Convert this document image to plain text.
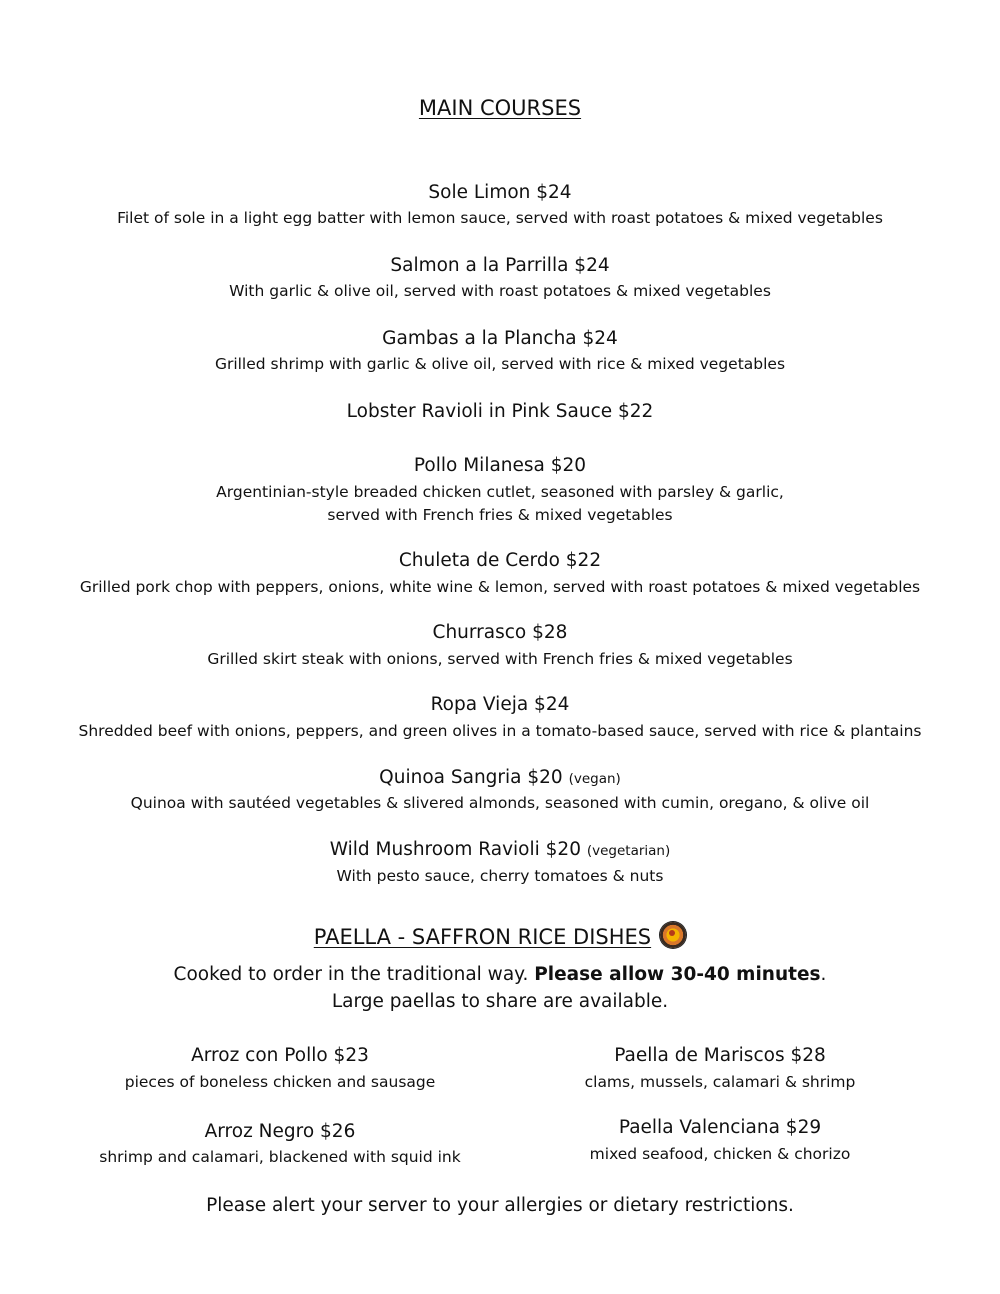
MAIN COURSES
Sole Limon $24
Filet of sole in a light egg batter with lemon sauce, served with roast potatoes & mixed vegetables
Salmon a la Parrilla $24
With garlic & olive oil, served with roast potatoes & mixed vegetables
Gambas a la Plancha $24
Grilled shrimp with garlic & olive oil, served with rice & mixed vegetables
Lobster Ravioli in Pink Sauce $22
Pollo Milanesa $20
Argentinian-style breaded chicken cutlet, seasoned with parsley & garlic,
served with French fries & mixed vegetables
Chuleta de Cerdo $22
Grilled pork chop with peppers, onions, white wine & lemon, served with roast potatoes & mixed vegetables
Churrasco $28
Grilled skirt steak with onions, served with French fries & mixed vegetables
Ropa Vieja $24
Shredded beef with onions, peppers, and green olives in a tomato-based sauce, served with rice & plantains
Quinoa Sangria $20 (vegan)
Quinoa with sautéed vegetables & slivered almonds, seasoned with cumin, oregano, & olive oil
Wild Mushroom Ravioli $20 (vegetarian)
With pesto sauce, cherry tomatoes & nuts
PAELLA - SAFFRON RICE DISHES
Cooked to order in the traditional way. Please allow 30-40 minutes.
Large paellas to share are available.
Arroz con Pollo $23
pieces of boneless chicken and sausage
Arroz Negro $26
shrimp and calamari, blackened with squid ink
Paella de Mariscos $28
clams, mussels, calamari & shrimp
Paella Valenciana $29
mixed seafood, chicken & chorizo
Please alert your server to your allergies or dietary restrictions.
